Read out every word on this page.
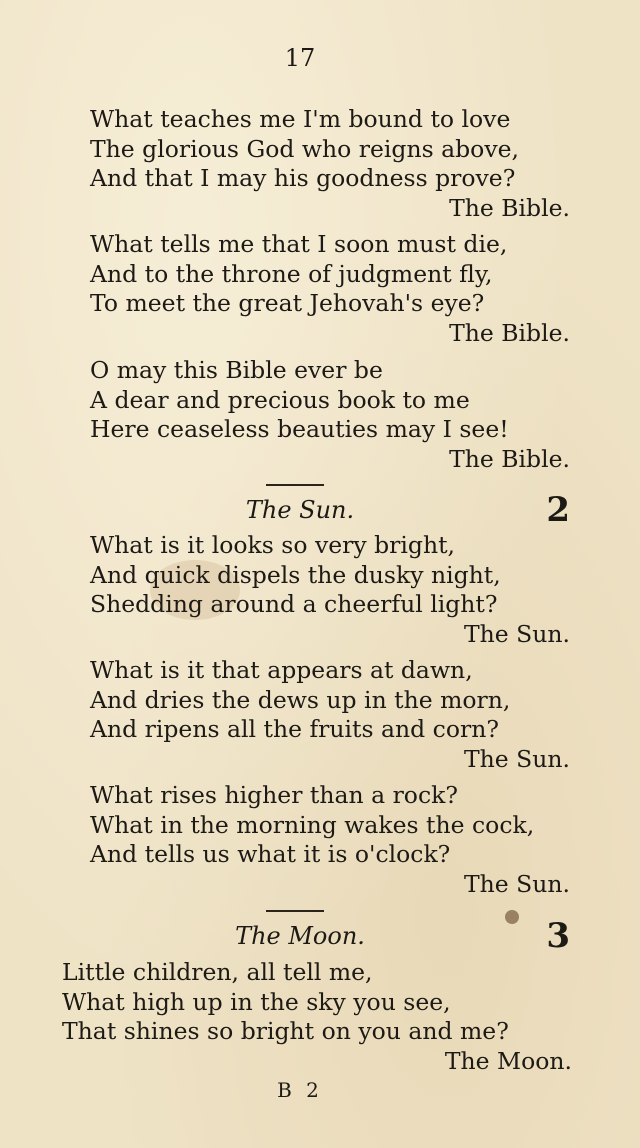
17
What teaches me I'm bound to love
The glorious God who reigns above,
And that I may his goodness prove?
The Bible.
What tells me that I soon must die,
And to the throne of judgment fly,
To meet the great Jehovah's eye?
The Bible.
O may this Bible ever be
A dear and precious book to me
Here ceaseless beauties may I see!
The Bible.
The Sun.	2
What is it looks so very bright,
And quick dispels the dusky night,
Shedding around a cheerful light?
The Sun.
What is it that appears at dawn,
And dries the dews up in the morn,
And ripens all the fruits and corn?
The Sun.
What rises higher than a rock?
What in the morning wakes the cock,
And tells us what it is o'clock?
The Sun.
The Moon.	3
Little children, all tell me,
What high up in the sky you see,
That shines so bright on you and me?
The Moon.
B 2
